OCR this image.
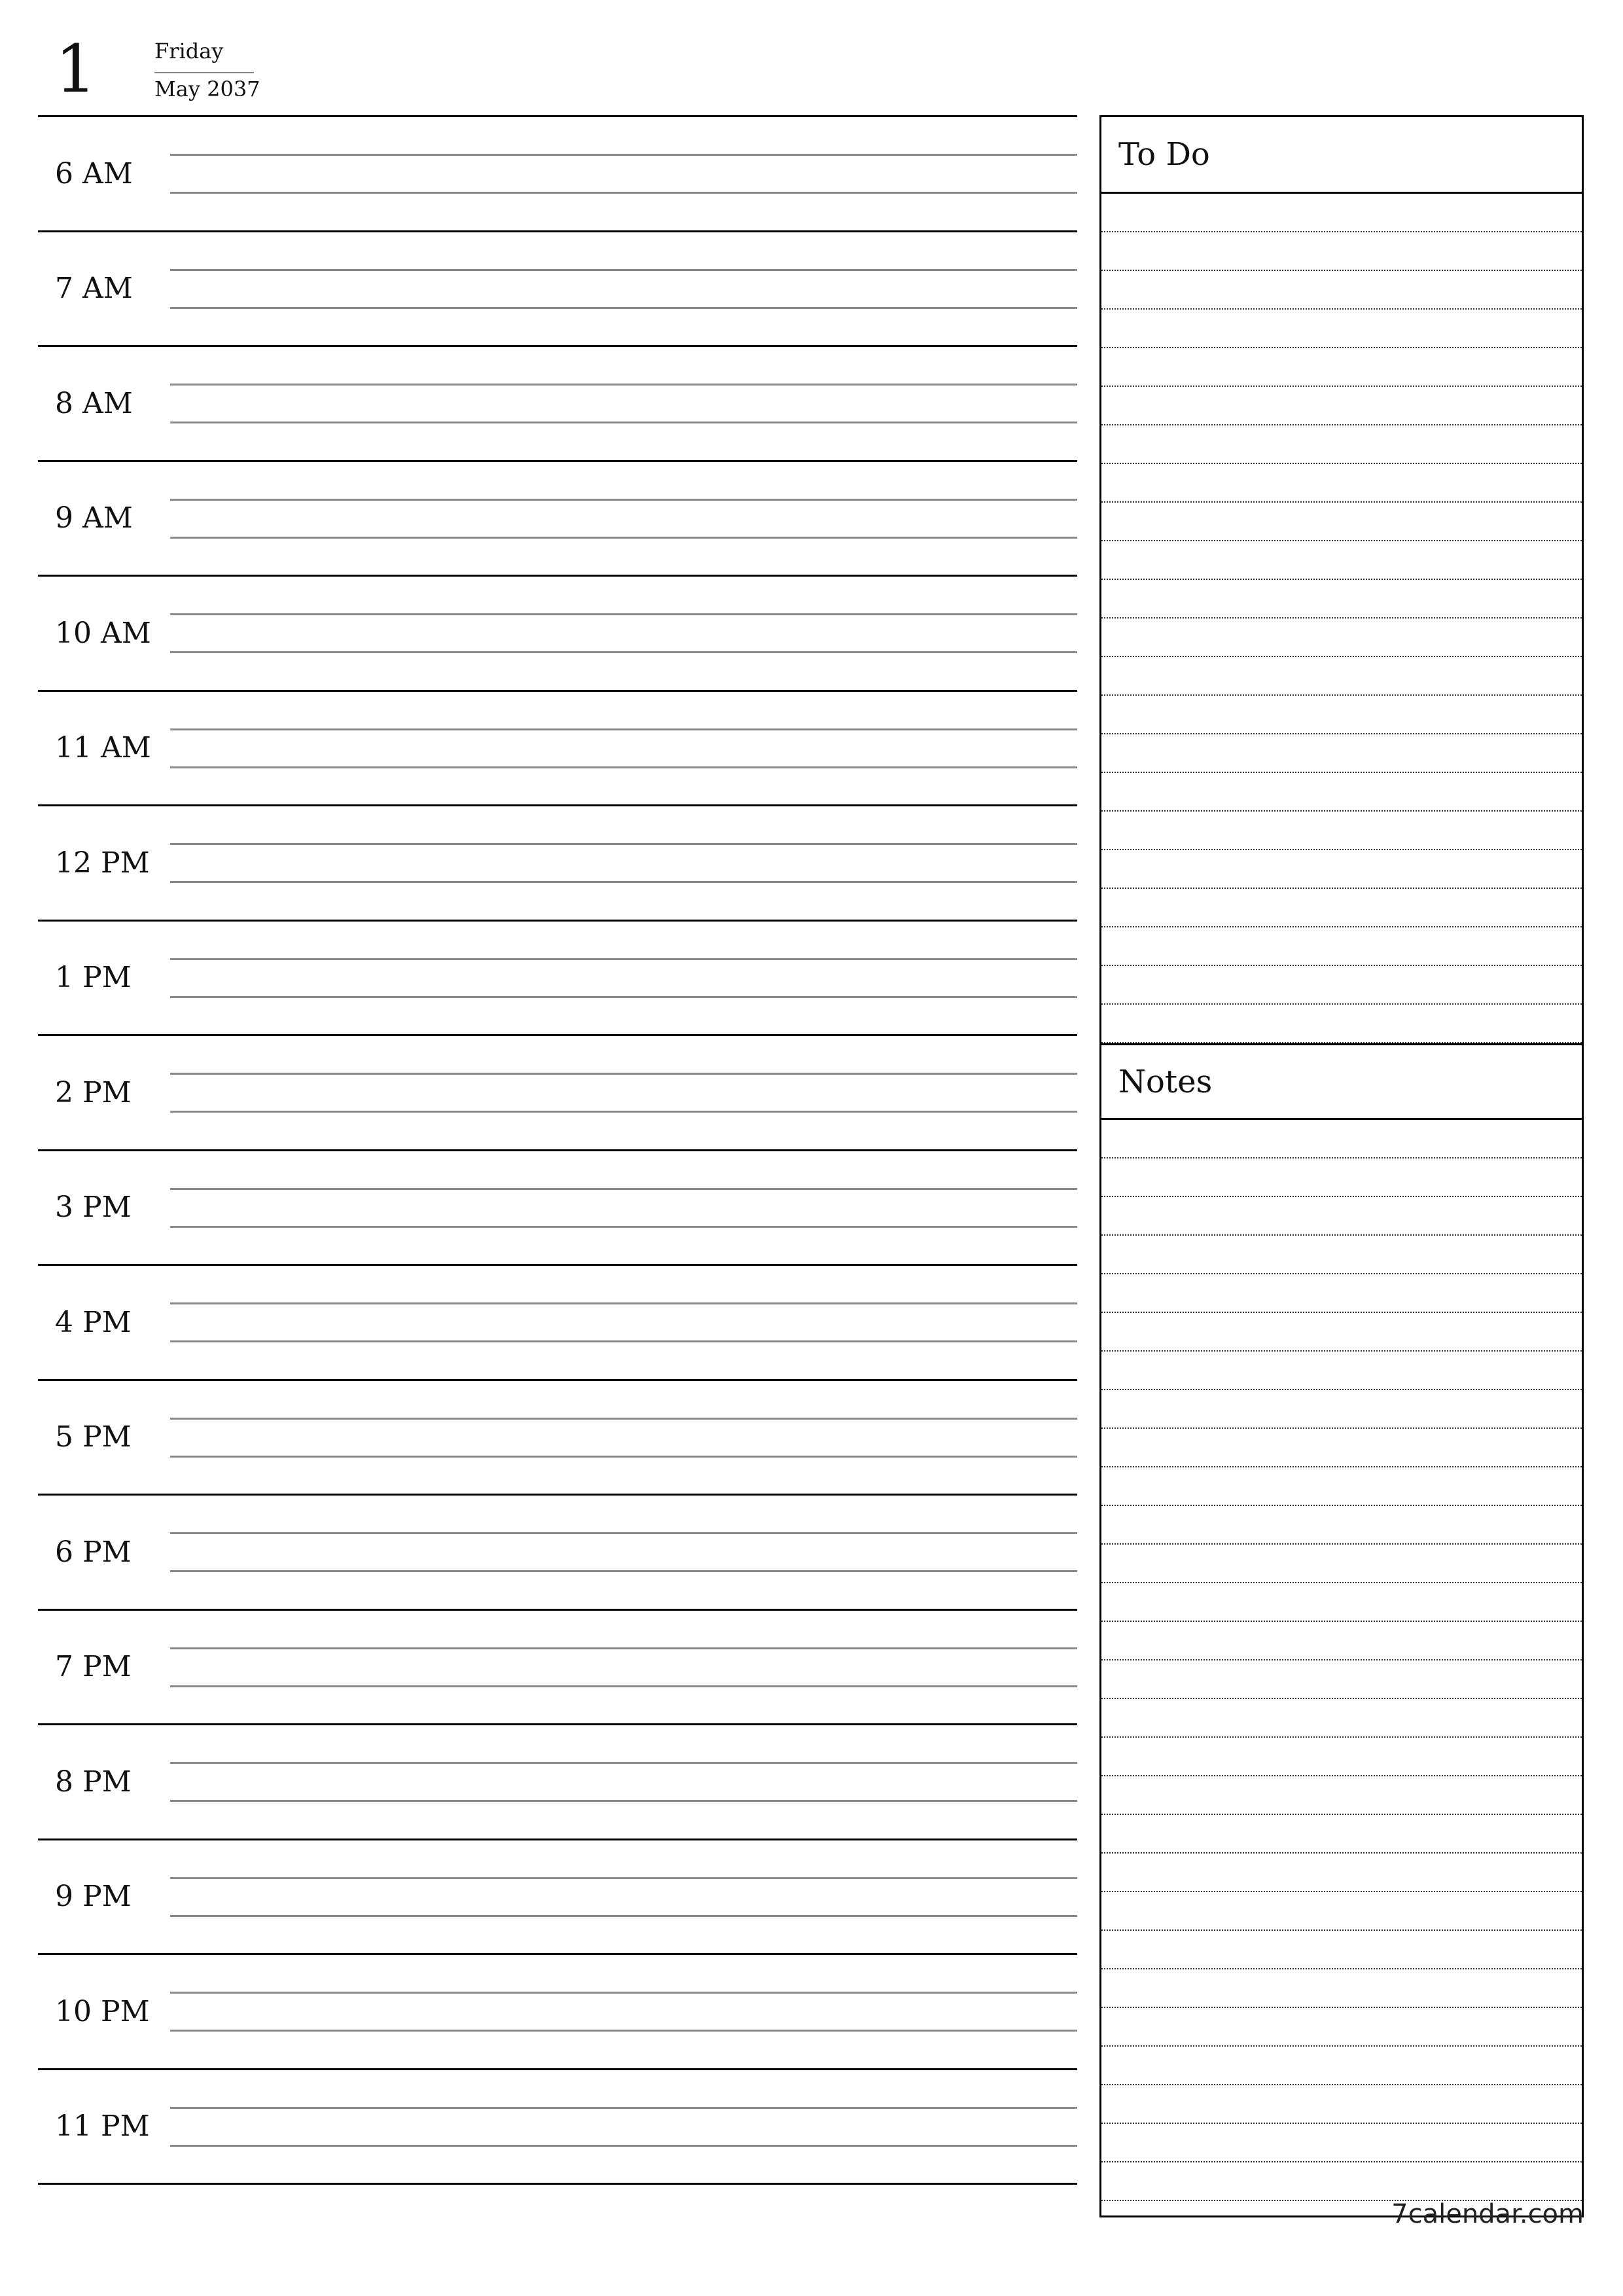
1	Friday
May 2037
6 AM
7 AM
8 AM
9 AM
10 AM
11 AM
12 PM
1 PM
2 PM
3 PM
4 PM
5 PM
6 PM
7 PM
8 PM
9 PM
10 PM
11 PM
To Do
Notes
7calendar.com
